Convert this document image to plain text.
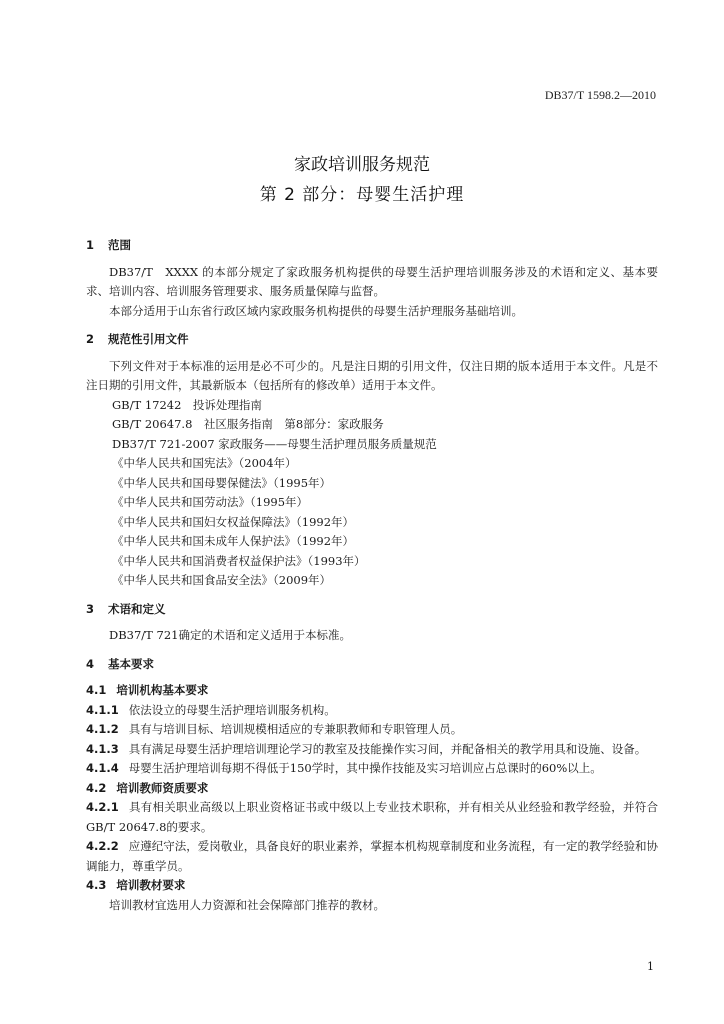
DB37/T 1598.2—2010
家政培训服务规范
第 2 部分：母婴生活护理
1 范围
DB37/T　XXXX 的本部分规定了家政服务机构提供的母婴生活护理培训服务涉及的术语和定义、基本要求、培训内容、培训服务管理要求、服务质量保障与监督。
本部分适用于山东省行政区域内家政服务机构提供的母婴生活护理服务基础培训。
2 规范性引用文件
下列文件对于本标准的运用是必不可少的。凡是注日期的引用文件，仅注日期的版本适用于本文件。凡是不注日期的引用文件，其最新版本（包括所有的修改单）适用于本文件。
GB/T 17242　投诉处理指南
GB/T 20647.8　社区服务指南　第8部分：家政服务
DB37/T 721-2007 家政服务——母婴生活护理员服务质量规范
《中华人民共和国宪法》（2004年）
《中华人民共和国母婴保健法》（1995年）
《中华人民共和国劳动法》（1995年）
《中华人民共和国妇女权益保障法》（1992年）
《中华人民共和国未成年人保护法》（1992年）
《中华人民共和国消费者权益保护法》（1993年）
《中华人民共和国食品安全法》（2009年）
3 术语和定义
DB37/T 721确定的术语和定义适用于本标准。
4 基本要求
4.1 培训机构基本要求
4.1.1 依法设立的母婴生活护理培训服务机构。
4.1.2 具有与培训目标、培训规模相适应的专兼职教师和专职管理人员。
4.1.3 具有满足母婴生活护理培训理论学习的教室及技能操作实习间，并配备相关的教学用具和设施、设备。
4.1.4 母婴生活护理培训每期不得低于150学时，其中操作技能及实习培训应占总课时的60%以上。
4.2 培训教师资质要求
4.2.1 具有相关职业高级以上职业资格证书或中级以上专业技术职称，并有相关从业经验和教学经验，并符合GB/T 20647.8的要求。
4.2.2 应遵纪守法，爱岗敬业，具备良好的职业素养，掌握本机构规章制度和业务流程，有一定的教学经验和协调能力，尊重学员。
4.3 培训教材要求
培训教材宜选用人力资源和社会保障部门推荐的教材。
1
